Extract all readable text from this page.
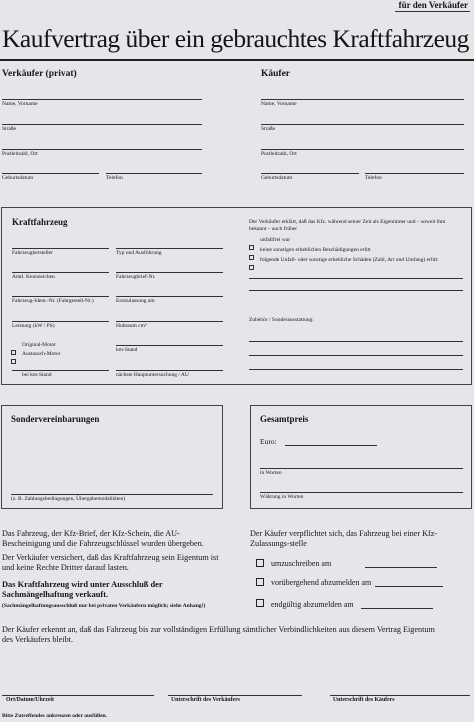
für den Verkäufer
Kaufvertrag über ein gebrauchtes Kraftfahrzeug
Verkäufer (privat)
Name, Vorname
Straße
Postleitzahl, Ort
Geburtsdatum	Telefon
Käufer
Name, Vorname
Straße
Postleitzahl, Ort
Geburtsdatum	Telefon
Kraftfahrzeug
Fahrzeughersteller	Typ und Ausführung
Amtl. Kennzeichen	Fahrzeugbrief-Nr.
Fahrzeug-Ident.-Nr. (Fahrgestell-Nr.)	Erstzulassung am
Leistung (kW / PS)	Hubraum cm³
Original-Motor
Austausch-Motor
km-Stand
bei km-Stand	nächste Hauptuntersuchung / AU
Der Verkäufer erklärt, daß das Kfz. während seiner Zeit als Eigentümer und – soweit ihm bekannt – auch früher
unfallfrei war
keine sonstigen erheblichen Beschädigungen erlitt
folgende Unfall- oder sonstige erhebliche Schäden (Zahl, Art und Umfang) erlitt:
Zubehör / Sonderausstattung:
Sondervereinbarungen
(z. B. Zahlungsbedingungen, Übergabemodalitäten)
Gesamtpreis
Euro:
in Worten
Währung in Worten
Das Fahrzeug, der Kfz-Brief, der Kfz-Schein, die AU-Bescheinigung und die Fahrzeugschlüssel wurden übergeben.
Der Verkäufer versichert, daß das Kraftfahrzeug sein Eigentum ist und keine Rechte Dritter darauf lasten.
Das Kraftfahrzeug wird unter Ausschluß der Sachmängelhaftung verkauft.
(Sachmängelhaftungsausschluß nur bei privaten Verkäufern möglich; siehe Anhang!)
Der Käufer verpflichtet sich, das Fahrzeug bei einer Kfz-Zulassungs-stelle
umzuschreiben am
vorübergehend abzumelden am
endgültig abzumelden am
Der Käufer erkennt an, daß das Fahrzeug bis zur vollständigen Erfüllung sämtlicher Verbindlichkeiten aus diesem Vertrag Eigentum des Verkäufers bleibt.
Ort/Datum/Uhrzeit	Unterschrift des Verkäufers	Unterschrift des Käufers
Bitte Zutreffendes ankreuzen oder ausfüllen.
